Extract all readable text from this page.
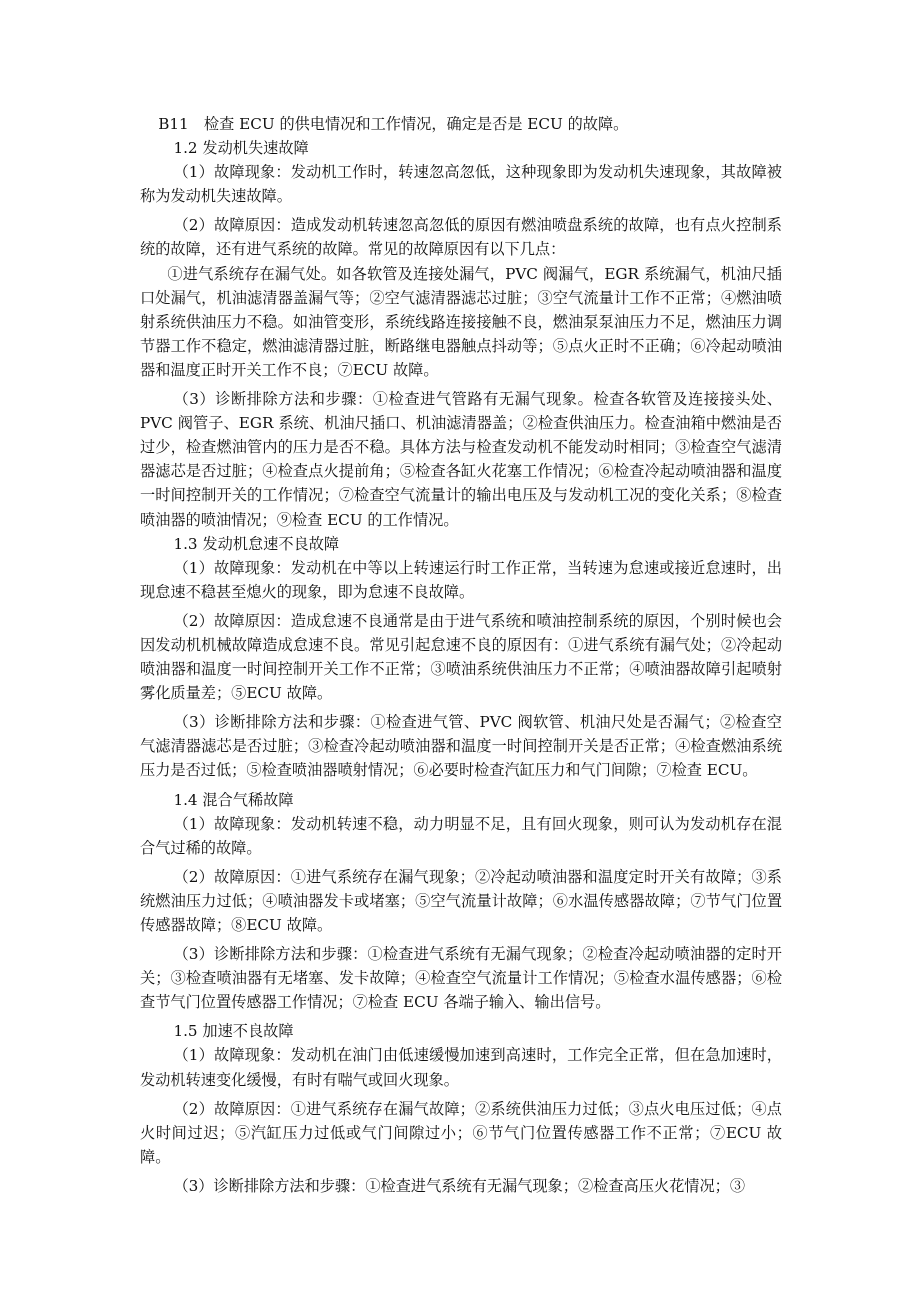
B11　检查 ECU 的供电情况和工作情况，确定是否是 ECU 的故障。

1.2 发动机失速故障

（1）故障现象：发动机工作时，转速忽高忽低，这种现象即为发动机失速现象，其故障被称为发动机失速故障。

（2）故障原因：造成发动机转速忽高忽低的原因有燃油喷盘系统的故障，也有点火控制系统的故障，还有进气系统的故障。常见的故障原因有以下几点：

①进气系统存在漏气处。如各软管及连接处漏气，PVC 阀漏气，EGR 系统漏气，机油尺插口处漏气，机油滤清器盖漏气等；②空气滤清器滤芯过脏；③空气流量计工作不正常；④燃油喷射系统供油压力不稳。如油管变形，系统线路连接接触不良，燃油泵泵油压力不足，燃油压力调节器工作不稳定，燃油滤清器过脏，断路继电器触点抖动等；⑤点火正时不正确；⑥冷起动喷油器和温度正时开关工作不良；⑦ECU 故障。

（3）诊断排除方法和步骤：①检查进气管路有无漏气现象。检查各软管及连接接头处、PVC 阀管子、EGR 系统、机油尺插口、机油滤清器盖；②检查供油压力。检查油箱中燃油是否过少，检查燃油管内的压力是否不稳。具体方法与检查发动机不能发动时相同；③检查空气滤清器滤芯是否过脏；④检查点火提前角；⑤检查各缸火花塞工作情况；⑥检查冷起动喷油器和温度一时间控制开关的工作情况；⑦检查空气流量计的输出电压及与发动机工况的变化关系；⑧检查喷油器的喷油情况；⑨检查 ECU 的工作情况。

1.3 发动机怠速不良故障

（1）故障现象：发动机在中等以上转速运行时工作正常，当转速为怠速或接近怠速时，出现怠速不稳甚至熄火的现象，即为怠速不良故障。

（2）故障原因：造成怠速不良通常是由于进气系统和喷油控制系统的原因，个别时候也会因发动机机械故障造成怠速不良。常见引起怠速不良的原因有：①进气系统有漏气处；②冷起动喷油器和温度一时间控制开关工作不正常；③喷油系统供油压力不正常；④喷油器故障引起喷射雾化质量差；⑤ECU 故障。

（3）诊断排除方法和步骤：①检查进气管、PVC 阀软管、机油尺处是否漏气；②检查空气滤清器滤芯是否过脏；③检查冷起动喷油器和温度一时间控制开关是否正常；④检查燃油系统压力是否过低；⑤检查喷油器喷射情况；⑥必要时检查汽缸压力和气门间隙；⑦检查 ECU。

1.4 混合气稀故障

（1）故障现象：发动机转速不稳，动力明显不足，且有回火现象，则可认为发动机存在混合气过稀的故障。

（2）故障原因：①进气系统存在漏气现象；②冷起动喷油器和温度定时开关有故障；③系统燃油压力过低；④喷油器发卡或堵塞；⑤空气流量计故障；⑥水温传感器故障；⑦节气门位置传感器故障；⑧ECU 故障。

（3）诊断排除方法和步骤：①检查进气系统有无漏气现象；②检查冷起动喷油器的定时开关；③检查喷油器有无堵塞、发卡故障；④检查空气流量计工作情况；⑤检查水温传感器；⑥检查节气门位置传感器工作情况；⑦检查 ECU 各端子输入、输出信号。

1.5 加速不良故障

（1）故障现象：发动机在油门由低速缓慢加速到高速时，工作完全正常，但在急加速时，发动机转速变化缓慢，有时有喘气或回火现象。

（2）故障原因：①进气系统存在漏气故障；②系统供油压力过低；③点火电压过低；④点火时间过迟；⑤汽缸压力过低或气门间隙过小；⑥节气门位置传感器工作不正常；⑦ECU 故障。

（3）诊断排除方法和步骤：①检查进气系统有无漏气现象；②检查高压火花情况；③
